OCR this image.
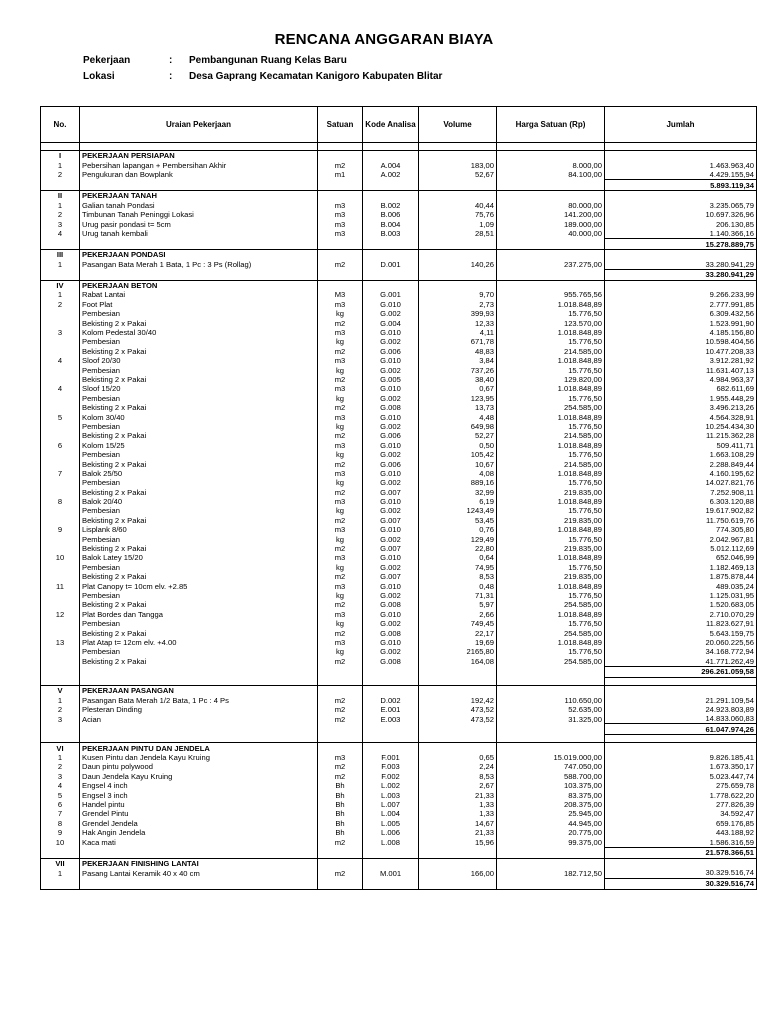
RENCANA ANGGARAN BIAYA
Pekerjaan	: Pembangunan Ruang Kelas Baru
Lokasi	: Desa Gaprang Kecamatan Kanigoro Kabupaten Blitar
No.	Uraian Pekerjaan	Satuan	Kode Analisa	Volume	Harga Satuan (Rp)	Jumlah

I	PEKERJAAN PERSIAPAN					
1	Pebersihan lapangan + Pembersihan Akhir	m2	A.004	183,00	8.000,00	1.463.963,40
2	Pengukuran dan Bowplank	m1	A.002	52,67	84.100,00	4.429.155,94
						5.893.119,34
II	PEKERJAAN TANAH					
1	Galian tanah Pondasi	m3	B.002	40,44	80.000,00	3.235.065,79
2	Timbunan Tanah Peninggi Lokasi	m3	B.006	75,76	141.200,00	10.697.326,96
3	Urug pasir pondasi t= 5cm	m3	B.004	1,09	189.000,00	206.130,85
4	Urug tanah kembali	m3	B.003	28,51	40.000,00	1.140.366,16
						15.278.889,75
III	PEKERJAAN PONDASI					
1	Pasangan Bata Merah 1 Bata, 1 Pc : 3 Ps (Rollag)	m2	D.001	140,26	237.275,00	33.280.941,29
						33.280.941,29
IV	PEKERJAAN BETON					
1	Rabat Lantai	M3	G.001	9,70	955.765,56	9.266.233,99
2	Foot Plat	m3	G.010	2,73	1.018.848,89	2.777.991,85
	Pembesian	kg	G.002	399,93	15.776,50	6.309.432,56
	Bekisting 2 x Pakai	m2	G.004	12,33	123.570,00	1.523.991,90
3	Kolom Pedestal 30/40	m3	G.010	4,11	1.018.848,89	4.185.156,80
	Pembesian	kg	G.002	671,78	15.776,50	10.598.404,56
	Bekisting 2 x Pakai	m2	G.006	48,83	214.585,00	10.477.208,33
4	Sloof 20/30	m3	G.010	3,84	1.018.848,89	3.912.281,92
	Pembesian	kg	G.002	737,26	15.776,50	11.631.407,13
	Bekisting 2 x Pakai	m2	G.005	38,40	129.820,00	4.984.963,37
4	Sloof 15/20	m3	G.010	0,67	1.018.848,89	682.611,69
	Pembesian	kg	G.002	123,95	15.776,50	1.955.448,29
	Bekisting 2 x Pakai	m2	G.008	13,73	254.585,00	3.496.213,26
5	Kolom 30/40	m3	G.010	4,48	1.018.848,89	4.564.328,91
	Pembesian	kg	G.002	649,98	15.776,50	10.254.434,30
	Bekisting 2 x Pakai	m2	G.006	52,27	214.585,00	11.215.362,28
6	Kolom 15/25	m3	G.010	0,50	1.018.848,89	509.411,71
	Pembesian	kg	G.002	105,42	15.776,50	1.663.108,29
	Bekisting 2 x Pakai	m2	G.006	10,67	214.585,00	2.288.849,44
7	Balok 25/50	m3	G.010	4,08	1.018.848,89	4.160.195,62
	Pembesian	kg	G.002	889,16	15.776,50	14.027.821,76
	Bekisting 2 x Pakai	m2	G.007	32,99	219.835,00	7.252.908,11
8	Balok 20/40	m3	G.010	6,19	1.018.848,89	6.303.120,88
	Pembesian	kg	G.002	1243,49	15.776,50	19.617.902,82
	Bekisting 2 x Pakai	m2	G.007	53,45	219.835,00	11.750.619,76
9	Lisplank 8/60	m3	G.010	0,76	1.018.848,89	774.305,80
	Pembesian	kg	G.002	129,49	15.776,50	2.042.967,81
	Bekisting 2 x Pakai	m2	G.007	22,80	219.835,00	5.012.112,69
10	Balok Latey 15/20	m3	G.010	0,64	1.018.848,89	652.046,99
	Pembesian	kg	G.002	74,95	15.776,50	1.182.469,13
	Bekisting 2 x Pakai	m2	G.007	8,53	219.835,00	1.875.878,44
11	Plat Canopy t= 10cm elv. +2.85	m3	G.010	0,48	1.018.848,89	489.035,24
	Pembesian	kg	G.002	71,31	15.776,50	1.125.031,95
	Bekisting 2 x Pakai	m2	G.008	5,97	254.585,00	1.520.683,05
12	Plat Bordes dan Tangga	m3	G.010	2,66	1.018.848,89	2.710.070,29
	Pembesian	kg	G.002	749,45	15.776,50	11.823.627,91
	Bekisting 2 x Pakai	m2	G.008	22,17	254.585,00	5.643.159,75
13	Plat Atap t= 12cm elv. +4.00	m3	G.010	19,69	1.018.848,89	20.060.225,56
	Pembesian	kg	G.002	2165,80	15.776,50	34.168.772,94
	Bekisting 2 x Pakai	m2	G.008	164,08	254.585,00	41.771.262,49
						296.261.059,58

V	PEKERJAAN PASANGAN					
1	Pasangan Bata Merah 1/2 Bata, 1 Pc : 4 Ps	m2	D.002	192,42	110.650,00	21.291.109,54
2	Plesteran Dinding	m2	E.001	473,52	52.635,00	24.923.803,89
3	Acian	m2	E.003	473,52	31.325,00	14.833.060,83
						61.047.974,26

VI	PEKERJAAN PINTU DAN JENDELA					
1	Kusen Pintu dan Jendela Kayu Kruing	m3	F.001	0,65	15.019.000,00	9.826.185,41
2	Daun pintu polywood	m2	F.003	2,24	747.050,00	1.673.350,17
3	Daun Jendela Kayu Kruing	m2	F.002	8,53	588.700,00	5.023.447,74
4	Engsel 4 inch	Bh	L.002	2,67	103.375,00	275.659,78
5	Engsel 3 inch	Bh	L.003	21,33	83.375,00	1.778.622,20
6	Handel pintu	Bh	L.007	1,33	208.375,00	277.826,39
7	Grendel Pintu	Bh	L.004	1,33	25.945,00	34.592,47
8	Grendel Jendela	Bh	L.005	14,67	44.945,00	659.176,85
9	Hak Angin Jendela	Bh	L.006	21,33	20.775,00	443.188,92
10	Kaca mati	m2	L.008	15,96	99.375,00	1.586.316,59
						21.578.366,51
VII	PEKERJAAN FINISHING LANTAI					
1	Pasang Lantai Keramik 40 x 40 cm	m2	M.001	166,00	182.712,50	30.329.516,74
						30.329.516,74
